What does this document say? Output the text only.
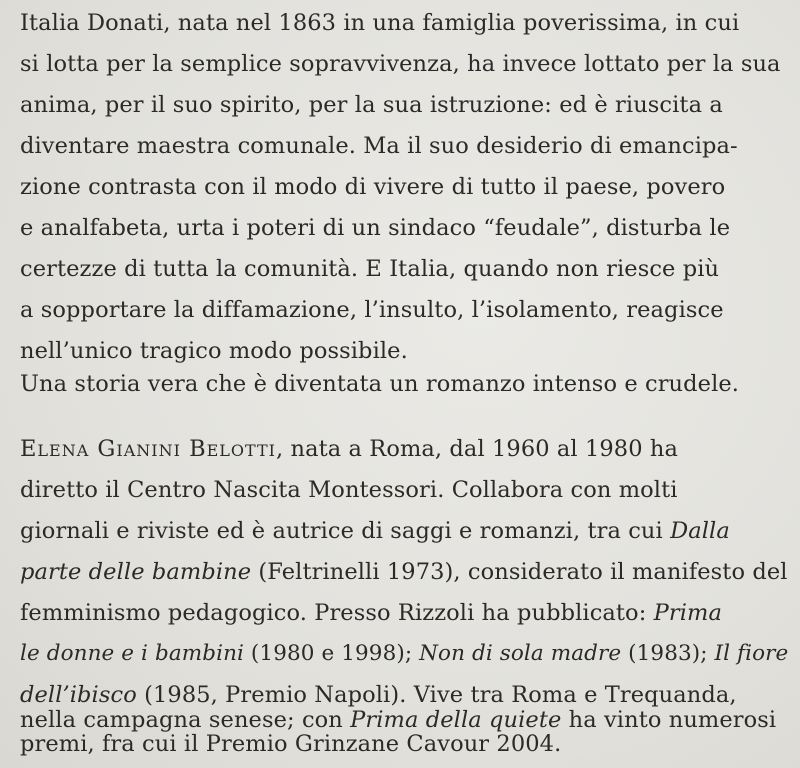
Italia Donati, nata nel 1863 in una famiglia poverissima, in cui
si lotta per la semplice sopravvivenza, ha invece lottato per la sua
anima, per il suo spirito, per la sua istruzione: ed è riuscita a
diventare maestra comunale. Ma il suo desiderio di emancipa-
zione contrasta con il modo di vivere di tutto il paese, povero
e analfabeta, urta i poteri di un sindaco “feudale”, disturba le
certezze di tutta la comunità. E Italia, quando non riesce più
a sopportare la diffamazione, l’insulto, l’isolamento, reagisce
nell’unico tragico modo possibile.
Una storia vera che è diventata un romanzo intenso e crudele.
Elena Gianini Belotti, nata a Roma, dal 1960 al 1980 ha
diretto il Centro Nascita Montessori. Collabora con molti
giornali e riviste ed è autrice di saggi e romanzi, tra cui Dalla
parte delle bambine (Feltrinelli 1973), considerato il manifesto del
femminismo pedagogico. Presso Rizzoli ha pubblicato: Prima
le donne e i bambini (1980 e 1998); Non di sola madre (1983); Il fiore
dell’ibisco (1985, Premio Napoli). Vive tra Roma e Trequanda,
nella campagna senese; con Prima della quiete ha vinto numerosi
premi, fra cui il Premio Grinzane Cavour 2004.
